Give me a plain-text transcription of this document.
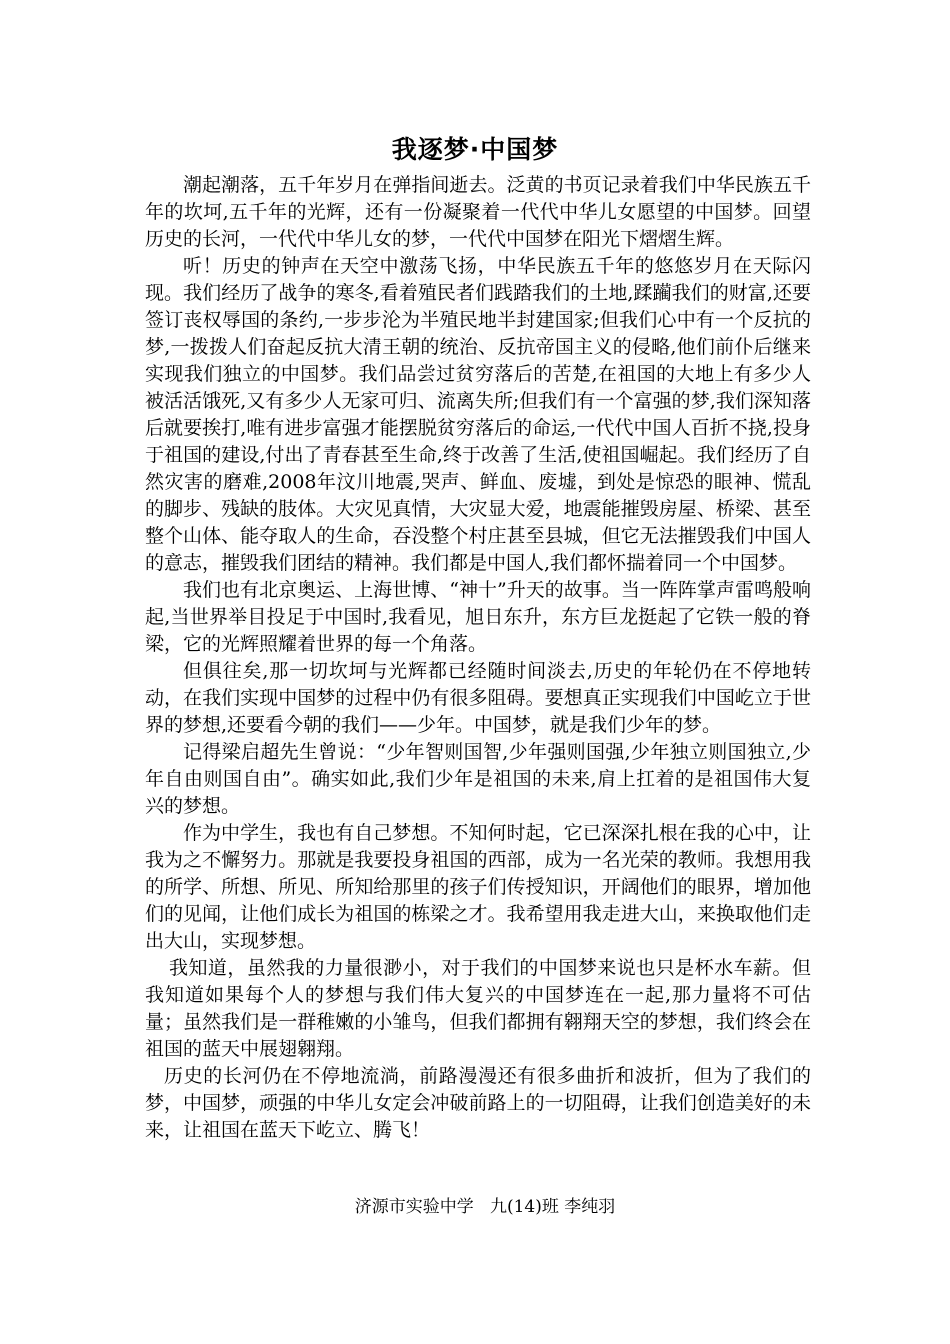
我逐梦·中国梦

潮起潮落，五千年岁月在弹指间逝去。泛黄的书页记录着我们中华民族五千年的坎坷,五千年的光辉，还有一份凝聚着一代代中华儿女愿望的中国梦。回望历史的长河，一代代中华儿女的梦，一代代中国梦在阳光下熠熠生辉。

听！历史的钟声在天空中激荡飞扬，中华民族五千年的悠悠岁月在天际闪现。我们经历了战争的寒冬,看着殖民者们践踏我们的土地,蹂躏我们的财富,还要签订丧权辱国的条约,一步步沦为半殖民地半封建国家;但我们心中有一个反抗的梦,一拨拨人们奋起反抗大清王朝的统治、反抗帝国主义的侵略,他们前仆后继来实现我们独立的中国梦。我们品尝过贫穷落后的苦楚,在祖国的大地上有多少人被活活饿死,又有多少人无家可归、流离失所;但我们有一个富强的梦,我们深知落后就要挨打,唯有进步富强才能摆脱贫穷落后的命运,一代代中国人百折不挠,投身于祖国的建设,付出了青春甚至生命,终于改善了生活,使祖国崛起。我们经历了自然灾害的磨难,2008年汶川地震,哭声、鲜血、废墟，到处是惊恐的眼神、慌乱的脚步、残缺的肢体。大灾见真情，大灾显大爱，地震能摧毁房屋、桥梁、甚至整个山体、能夺取人的生命，吞没整个村庄甚至县城，但它无法摧毁我们中国人的意志，摧毁我们团结的精神。我们都是中国人,我们都怀揣着同一个中国梦。

我们也有北京奥运、上海世博、“神十”升天的故事。当一阵阵掌声雷鸣般响起,当世界举目投足于中国时,我看见，旭日东升，东方巨龙挺起了它铁一般的脊梁，它的光辉照耀着世界的每一个角落。

但俱往矣,那一切坎坷与光辉都已经随时间淡去,历史的年轮仍在不停地转动，在我们实现中国梦的过程中仍有很多阻碍。要想真正实现我们中国屹立于世界的梦想,还要看今朝的我们——少年。中国梦，就是我们少年的梦。

记得梁启超先生曾说：“少年智则国智,少年强则国强,少年独立则国独立,少年自由则国自由”。确实如此,我们少年是祖国的未来,肩上扛着的是祖国伟大复兴的梦想。

作为中学生，我也有自己梦想。不知何时起，它已深深扎根在我的心中，让我为之不懈努力。那就是我要投身祖国的西部，成为一名光荣的教师。我想用我的所学、所想、所见、所知给那里的孩子们传授知识，开阔他们的眼界，增加他们的见闻，让他们成长为祖国的栋梁之才。我希望用我走进大山，来换取他们走出大山，实现梦想。

我知道，虽然我的力量很渺小，对于我们的中国梦来说也只是杯水车薪。但我知道如果每个人的梦想与我们伟大复兴的中国梦连在一起,那力量将不可估量；虽然我们是一群稚嫩的小雏鸟，但我们都拥有翱翔天空的梦想，我们终会在祖国的蓝天中展翅翱翔。

历史的长河仍在不停地流淌，前路漫漫还有很多曲折和波折，但为了我们的梦，中国梦，顽强的中华儿女定会冲破前路上的一切阻碍，让我们创造美好的未来，让祖国在蓝天下屹立、腾飞！

济源市实验中学 九(14)班 李纯羽
